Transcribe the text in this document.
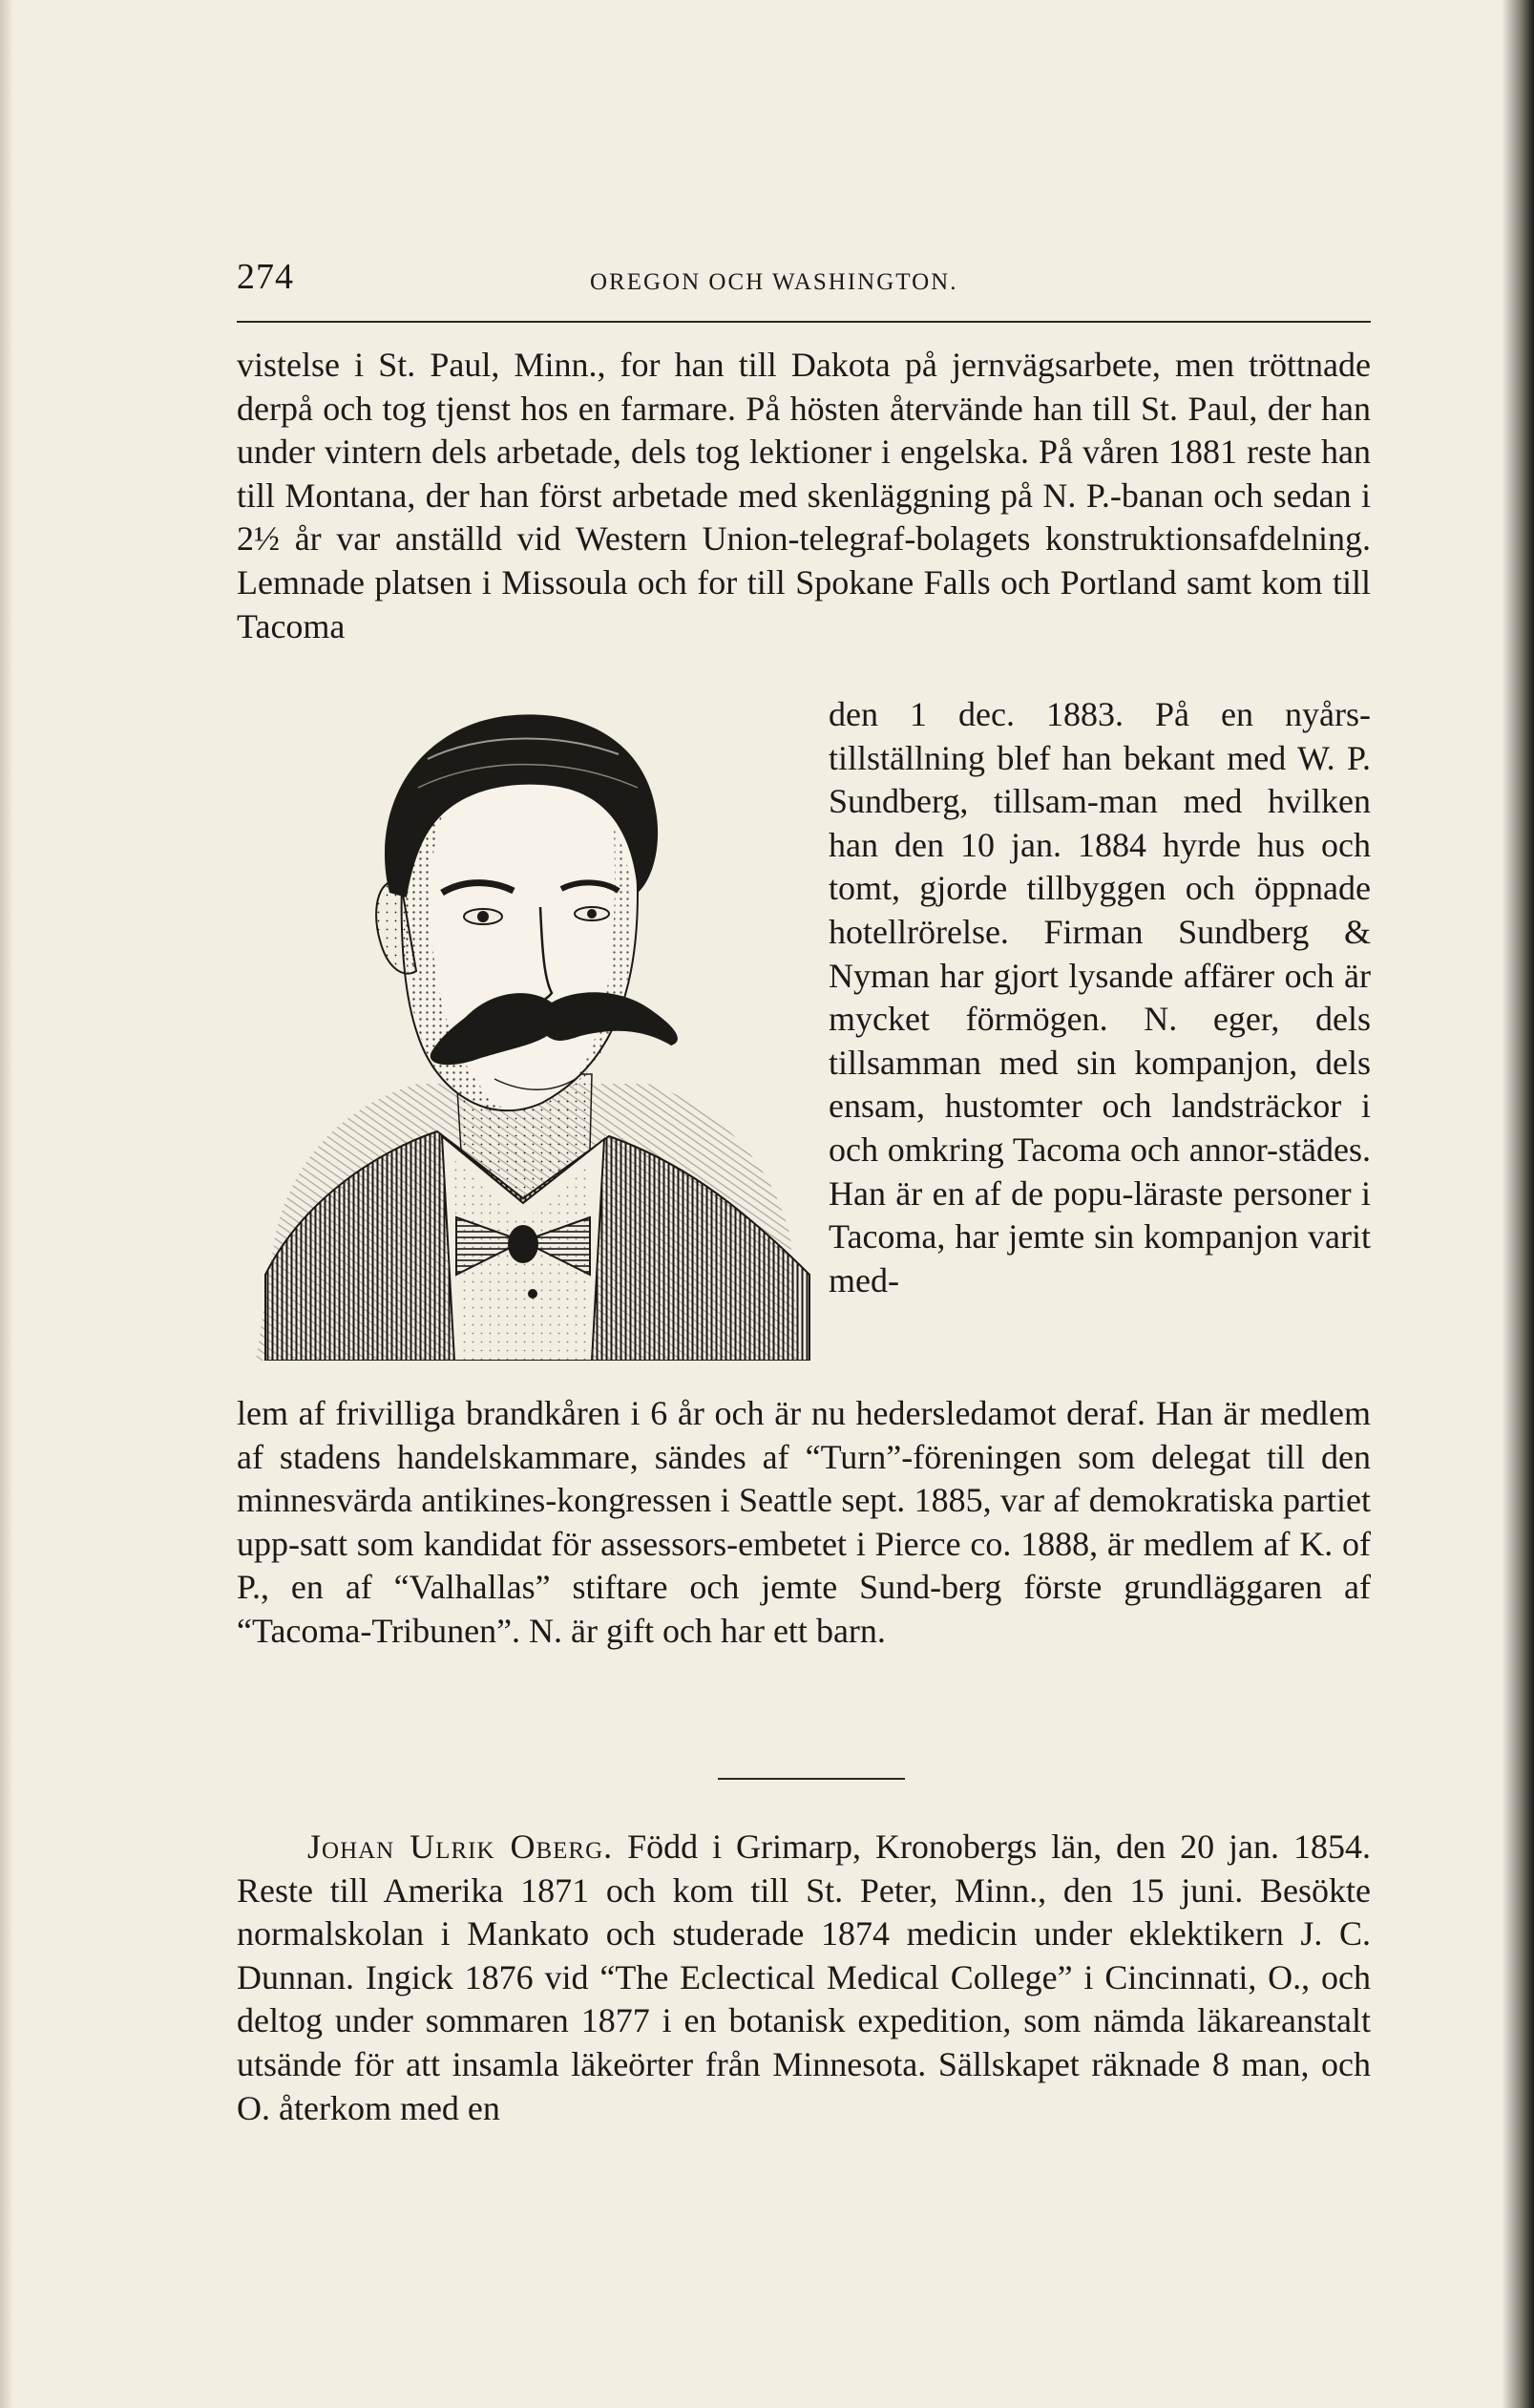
274	OREGON OCH WASHINGTON.

vistelse i St. Paul, Minn., for han till Dakota på jernvägsarbete, men tröttnade derpå och tog tjenst hos en farmare. På hösten återvände han till St. Paul, der han under vintern dels arbetade, dels tog lektioner i engelska. På våren 1881 reste han till Montana, der han först arbetade med skenläggning på N. P.-banan och sedan i 2½ år var anställd vid Western Union-telegraf-bolagets konstruktionsafdelning. Lemnade platsen i Missoula och for till Spokane Falls och Portland samt kom till Tacoma

den 1 dec. 1883. På en nyårs-tillställning blef han bekant med W. P. Sundberg, tillsam-man med hvilken han den 10 jan. 1884 hyrde hus och tomt, gjorde tillbyggen och öppnade hotellrörelse. Firman Sundberg & Nyman har gjort lysande affärer och är mycket förmögen. N. eger, dels tillsamman med sin kompanjon, dels ensam, hustomter och landsträckor i och omkring Tacoma och annor-städes. Han är en af de popu-läraste personer i Tacoma, har jemte sin kompanjon varit med-

lem af frivilliga brandkåren i 6 år och är nu hedersledamot deraf. Han är medlem af stadens handelskammare, sändes af “Turn”-föreningen som delegat till den minnesvärda antikines-kongressen i Seattle sept. 1885, var af demokratiska partiet upp-satt som kandidat för assessors-embetet i Pierce co. 1888, är medlem af K. of P., en af “Valhallas” stiftare och jemte Sund-berg förste grundläggaren af “Tacoma-Tribunen”. N. är gift och har ett barn.

Johan Ulrik Oberg. Född i Grimarp, Kronobergs län, den 20 jan. 1854. Reste till Amerika 1871 och kom till St. Peter, Minn., den 15 juni. Besökte normalskolan i Mankato och studerade 1874 medicin under eklektikern J. C. Dunnan. Ingick 1876 vid “The Eclectical Medical College” i Cincinnati, O., och deltog under sommaren 1877 i en botanisk expedition, som nämda läkareanstalt utsände för att insamla läkeörter från Minnesota. Sällskapet räknade 8 man, och O. återkom med en
